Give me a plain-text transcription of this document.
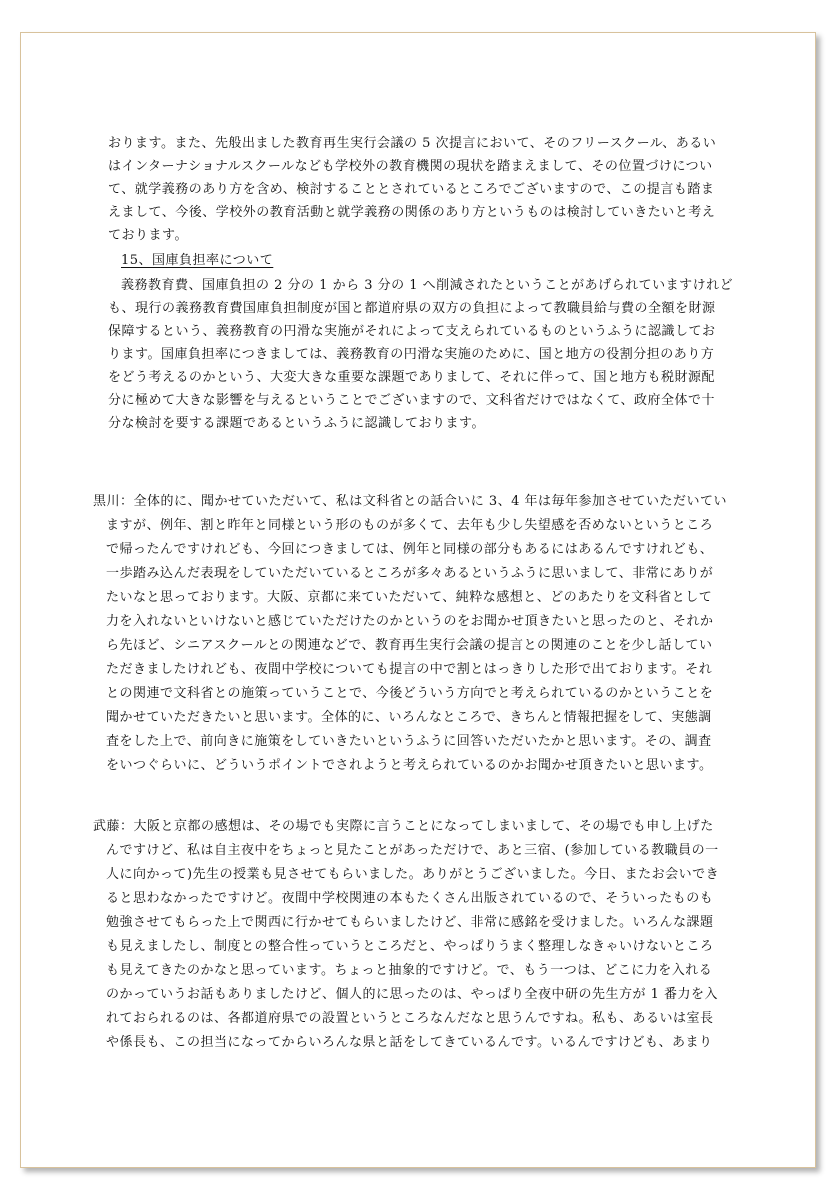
おります。また、先般出ました教育再生実行会議の 5 次提言において、そのフリースクール、あるい
はインターナショナルスクールなども学校外の教育機関の現状を踏まえまして、その位置づけについ
て、就学義務のあり方を含め、検討することとされているところでございますので、この提言も踏ま
えまして、今後、学校外の教育活動と就学義務の関係のあり方というものは検討していきたいと考え
ております。
15、国庫負担率について
義務教育費、国庫負担の 2 分の 1 から 3 分の 1 へ削減されたということがあげられていますけれど
も、現行の義務教育費国庫負担制度が国と都道府県の双方の負担によって教職員給与費の全額を財源
保障するという、義務教育の円滑な実施がそれによって支えられているものというふうに認識してお
ります。国庫負担率につきましては、義務教育の円滑な実施のために、国と地方の役割分担のあり方
をどう考えるのかという、大変大きな重要な課題でありまして、それに伴って、国と地方も税財源配
分に極めて大きな影響を与えるということでございますので、文科省だけではなくて、政府全体で十
分な検討を要する課題であるというふうに認識しております。
黒川：全体的に、聞かせていただいて、私は文科省との話合いに 3、4 年は毎年参加させていただいてい
ますが、例年、割と昨年と同様という形のものが多くて、去年も少し失望感を否めないというところ
で帰ったんですけれども、今回につきましては、例年と同様の部分もあるにはあるんですけれども、
一歩踏み込んだ表現をしていただいているところが多々あるというふうに思いまして、非常にありが
たいなと思っております。大阪、京都に来ていただいて、純粋な感想と、どのあたりを文科省として
力を入れないといけないと感じていただけたのかというのをお聞かせ頂きたいと思ったのと、それか
ら先ほど、シニアスクールとの関連などで、教育再生実行会議の提言との関連のことを少し話してい
ただきましたけれども、夜間中学校についても提言の中で割とはっきりした形で出ております。それ
との関連で文科省との施策っていうことで、今後どういう方向でと考えられているのかということを
聞かせていただきたいと思います。全体的に、いろんなところで、きちんと情報把握をして、実態調
査をした上で、前向きに施策をしていきたいというふうに回答いただいたかと思います。その、調査
をいつぐらいに、どういうポイントでされようと考えられているのかお聞かせ頂きたいと思います。
武藤：大阪と京都の感想は、その場でも実際に言うことになってしまいまして、その場でも申し上げた
んですけど、私は自主夜中をちょっと見たことがあっただけで、あと三宿、(参加している教職員の一
人に向かって)先生の授業も見させてもらいました。ありがとうございました。今日、またお会いでき
ると思わなかったですけど。夜間中学校関連の本もたくさん出版されているので、そういったものも
勉強させてもらった上で関西に行かせてもらいましたけど、非常に感銘を受けました。いろんな課題
も見えましたし、制度との整合性っていうところだと、やっぱりうまく整理しなきゃいけないところ
も見えてきたのかなと思っています。ちょっと抽象的ですけど。で、もう一つは、どこに力を入れる
のかっていうお話もありましたけど、個人的に思ったのは、やっぱり全夜中研の先生方が 1 番力を入
れておられるのは、各都道府県での設置というところなんだなと思うんですね。私も、あるいは室長
や係長も、この担当になってからいろんな県と話をしてきているんです。いるんですけども、あまり
